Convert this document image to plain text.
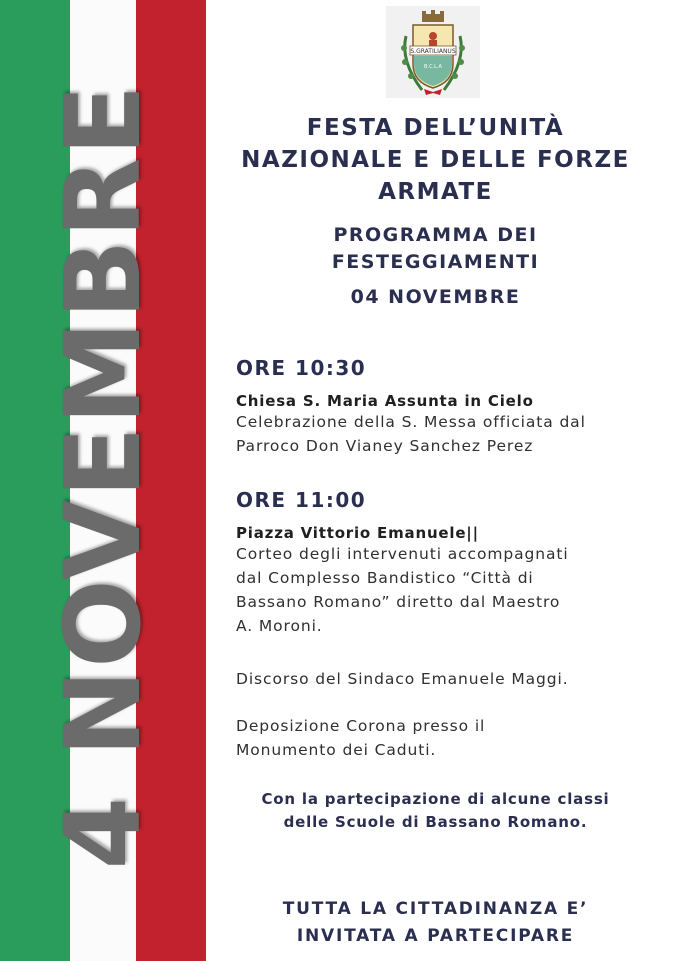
4 NOVEMBRE
S.GRATILIANUS
B.C.L.A
FESTA DELL’UNITÀ
NAZIONALE E DELLE FORZE
ARMATE
PROGRAMMA DEI
FESTEGGIAMENTI
04 NOVEMBRE
ORE 10:30
Chiesa S. Maria Assunta in Cielo
Celebrazione della S. Messa officiata dal
Parroco Don Vianey Sanchez Perez
ORE 11:00
Piazza Vittorio Emanuele||
Corteo degli intervenuti accompagnati
dal Complesso Bandistico “Città di
Bassano Romano” diretto dal Maestro
A. Moroni.
Discorso del Sindaco Emanuele Maggi.
Deposizione Corona presso il
Monumento dei Caduti.
Con la partecipazione di alcune classi
delle Scuole di Bassano Romano.
TUTTA LA CITTADINANZA E’
INVITATA A PARTECIPARE
